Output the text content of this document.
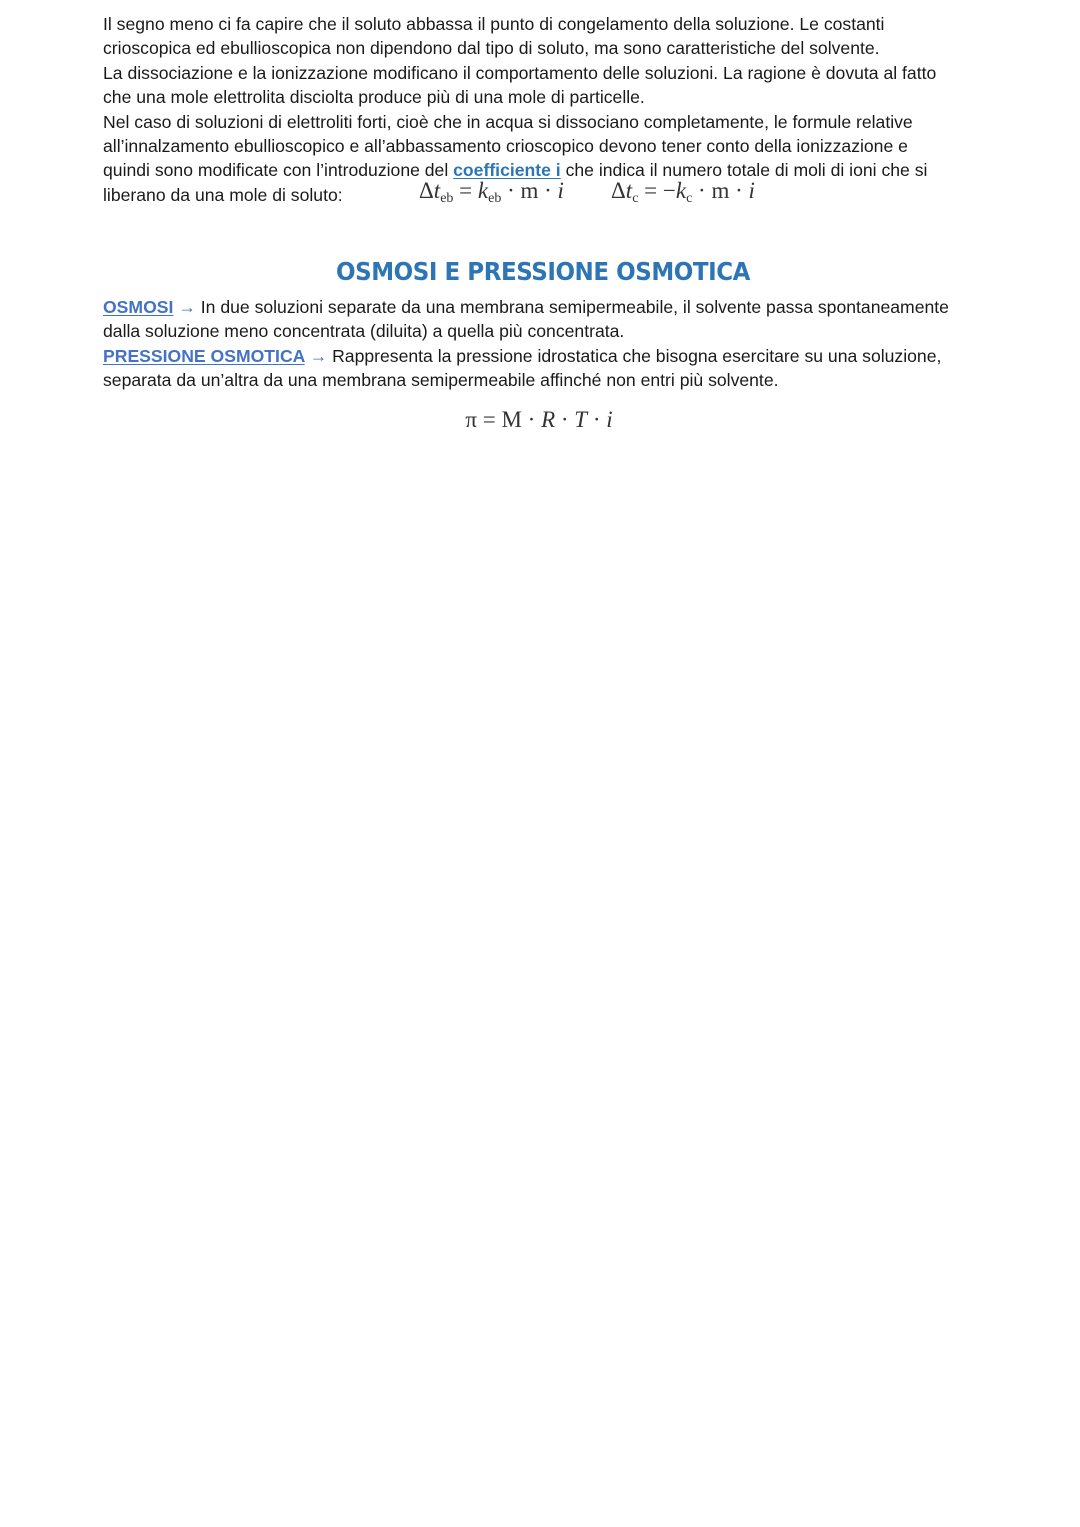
Il segno meno ci fa capire che il soluto abbassa il punto di congelamento della soluzione. Le costanti

crioscopica ed ebullioscopica non dipendono dal tipo di soluto, ma sono caratteristiche del solvente.

La dissociazione e la ionizzazione modificano il comportamento delle soluzioni. La ragione è dovuta al fatto

che una mole elettrolita disciolta produce più di una mole di particelle.

Nel caso di soluzioni di elettroliti forti, cioè che in acqua si dissociano completamente, le formule relative

all’innalzamento ebullioscopico e all’abbassamento crioscopico devono tener conto della ionizzazione e

quindi sono modificate con l’introduzione del coefficiente i che indica il numero totale di moli di ioni che si

liberano da una mole di soluto:	$\Delta t_{eb} = k_{eb} \cdot m \cdot i$ $\Delta t_c = -k_c \cdot m \cdot i$
OSMOSI E PRESSIONE OSMOTICA

OSMOSI → In due soluzioni separate da una membrana semipermeabile, il solvente passa spontaneamente

dalla soluzione meno concentrata (diluita) a quella più concentrata.

PRESSIONE OSMOTICA → Rappresenta la pressione idrostatica che bisogna esercitare su una soluzione,

separata da un’altra da una membrana semipermeabile affinché non entri più solvente.

π = M · R · T · i
